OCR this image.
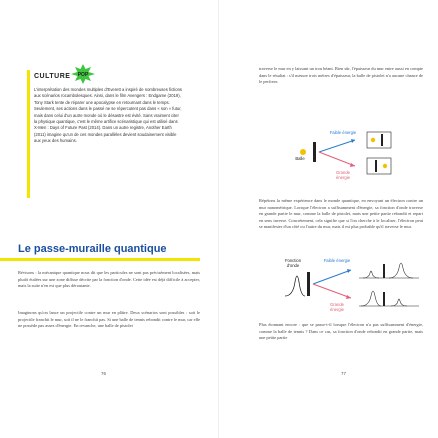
CULTURE POP

L'interprétation des mondes multiples d'Everett a inspiré de nombreuses fictions aux scénarios rocambolesques. Ainsi, dans le film Avengers : Endgame (2019), Tony Stark tente de réparer une apocalypse en retournant dans le temps. Seulement, ses actions dans le passé ne se répercutent pas dans « son » futur, mais dans celui d'un autre monde où le désastre est évité. Sans vraiment citer la physique quantique, c'est le même artifice scénaristique qui est utilisé dans X-Men : Days of Future Past (2014). Dans un autre registre, Another Earth (2011) imagine qu'un de ces mondes parallèles devient soudainement visible aux yeux des humains.

Le passe-muraille quantique

Révisons : la mécanique quantique nous dit que les particules ne sont pas précisément localisées, mais plutôt étalées sur une zone diffuse décrite par la fonction d'onde. Cette idée est déjà difficile à accepter, mais la suite n'en est que plus déroutante.

Imaginons qu'on lance un projectile contre un mur en plâtre. Deux scénarios sont possibles : soit le projectile franchit le mur, soit il ne le franchit pas. Si une balle de tennis rebondit contre le mur, car elle ne possède pas assez d'énergie. En revanche, une balle de pistolet

76

traverse le mur en y laissant un trou béant. Bien sûr, l'épaisseur du mur entre aussi en compte dans le résultat : s'il mesure trois mètres d'épaisseur, la balle de pistolet n'a aucune chance de le perforer.

Balle
Faible énergie
Grande énergie

Répétons la même expérience dans le monde quantique, en envoyant un électron contre un mur nanométrique. Lorsque l'électron a suffisamment d'énergie, sa fonction d'onde traverse en grande partie le mur, comme la balle de pistolet, mais une petite partie rebondit et repart en sens inverse. Concrètement, cela signifie que si l'on cherche à le localiser, l'électron peut se manifester d'un côté ou l'autre du mur, mais il est plus probable qu'il traverse le mur.

Fonction d'onde
Faible énergie
Grande énergie

Plus étonnant encore : que se passe-t-il lorsque l'électron n'a pas suffisamment d'énergie, comme la balle de tennis ? Dans ce cas, sa fonction d'onde rebondit en grande partie, mais une petite partie

77
